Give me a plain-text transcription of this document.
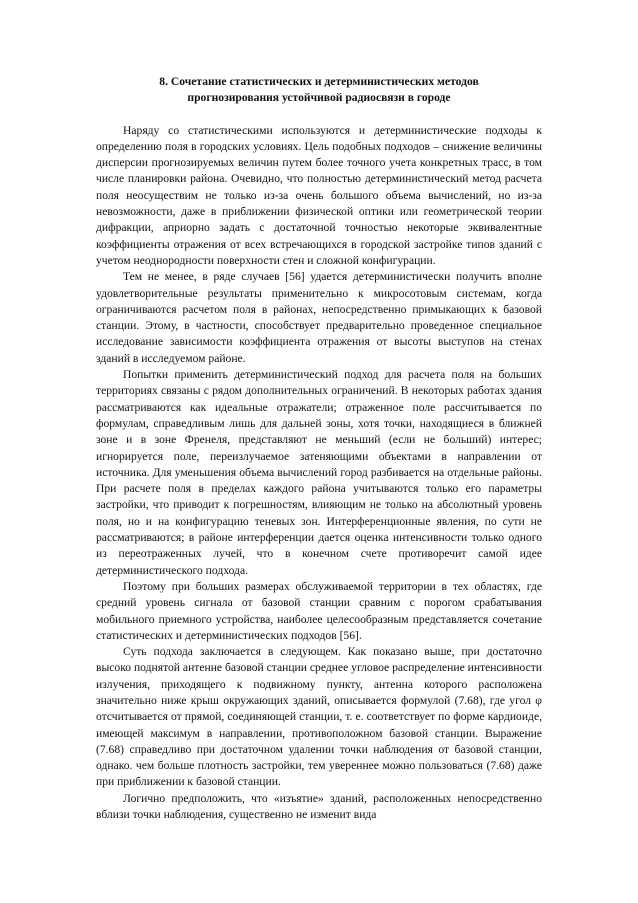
8. Сочетание статистических и детерминистических методов
прогнозирования устойчивой радиосвязи в городе

Наряду со статистическими используются и детерминистические подходы к определению поля в городских условиях. Цель подобных подходов – снижение величины дисперсии прогнозируемых величин путем более точного учета конкретных трасс, в том числе планировки района. Очевидно, что полностью детерминистический метод расчета поля неосуществим не только из-за очень большого объема вычислений, но из-за невозможности, даже в приближении физической оптики или геометрической теории дифракции, априорно задать с достаточной точностью некоторые эквивалентные коэффициенты отражения от всех встречающихся в городской застройке типов зданий с учетом неоднородности поверхности стен и сложной конфигурации.

Тем не менее, в ряде случаев [56] удается детерминистически получить вполне удовлетворительные результаты применительно к микросотовым системам, когда ограничиваются расчетом поля в районах, непосредственно примыкающих к базовой станции. Этому, в частности, способствует предварительно проведенное специальное исследование зависимости коэффициента отражения от высоты выступов на стенах зданий в исследуемом районе.

Попытки применить детерминистический подход для расчета поля на больших территориях связаны с рядом дополнительных ограничений. В некоторых работах здания рассматриваются как идеальные отражатели; отраженное поле рассчитывается по формулам, справедливым лишь для дальней зоны, хотя точки, находящиеся в ближней зоне и в зоне Френеля, представляют не меньший (если не больший) интерес; игнорируется поле, переизлучаемое затеняющими объектами в направлении от источника. Для уменьшения объема вычислений город разбивается на отдельные районы. При расчете поля в пределах каждого района учитываются только его параметры застройки, что приводит к погрешностям, влияющим не только на абсолютный уровень поля, но и на конфигурацию теневых зон. Интерференционные явления, по сути не рассматриваются; в районе интерференции дается оценка интенсивности только одного из переотраженных лучей, что в конечном счете противоречит самой идее детерминистического подхода.

Поэтому при больших размерах обслуживаемой территории в тех областях, где средний уровень сигнала от базовой станции сравним с порогом срабатывания мобильного приемного устройства, наиболее целесообразным представляется сочетание статистических и детерминистических подходов [56].

Суть подхода заключается в следующем. Как показано выше, при достаточно высоко поднятой антенне базовой станции среднее угловое распределение интенсивности излучения, приходящего к подвижному пункту, антенна которого расположена значительно ниже крыш окружающих зданий, описывается формулой (7.68), где угол φ отсчитывается от прямой, соединяющей станции, т. е. соответствует по форме кардиоиде, имеющей максимум в направлении, противоположном базовой станции. Выражение (7.68) справедливо при достаточном удалении точки наблюдения от базовой станции, однако. чем больше плотность застройки, тем увереннее можно пользоваться (7.68) даже при приближении к базовой станции.

Логично предположить, что «изъятие» зданий, расположенных непосредственно вблизи точки наблюдения, существенно не изменит вида
